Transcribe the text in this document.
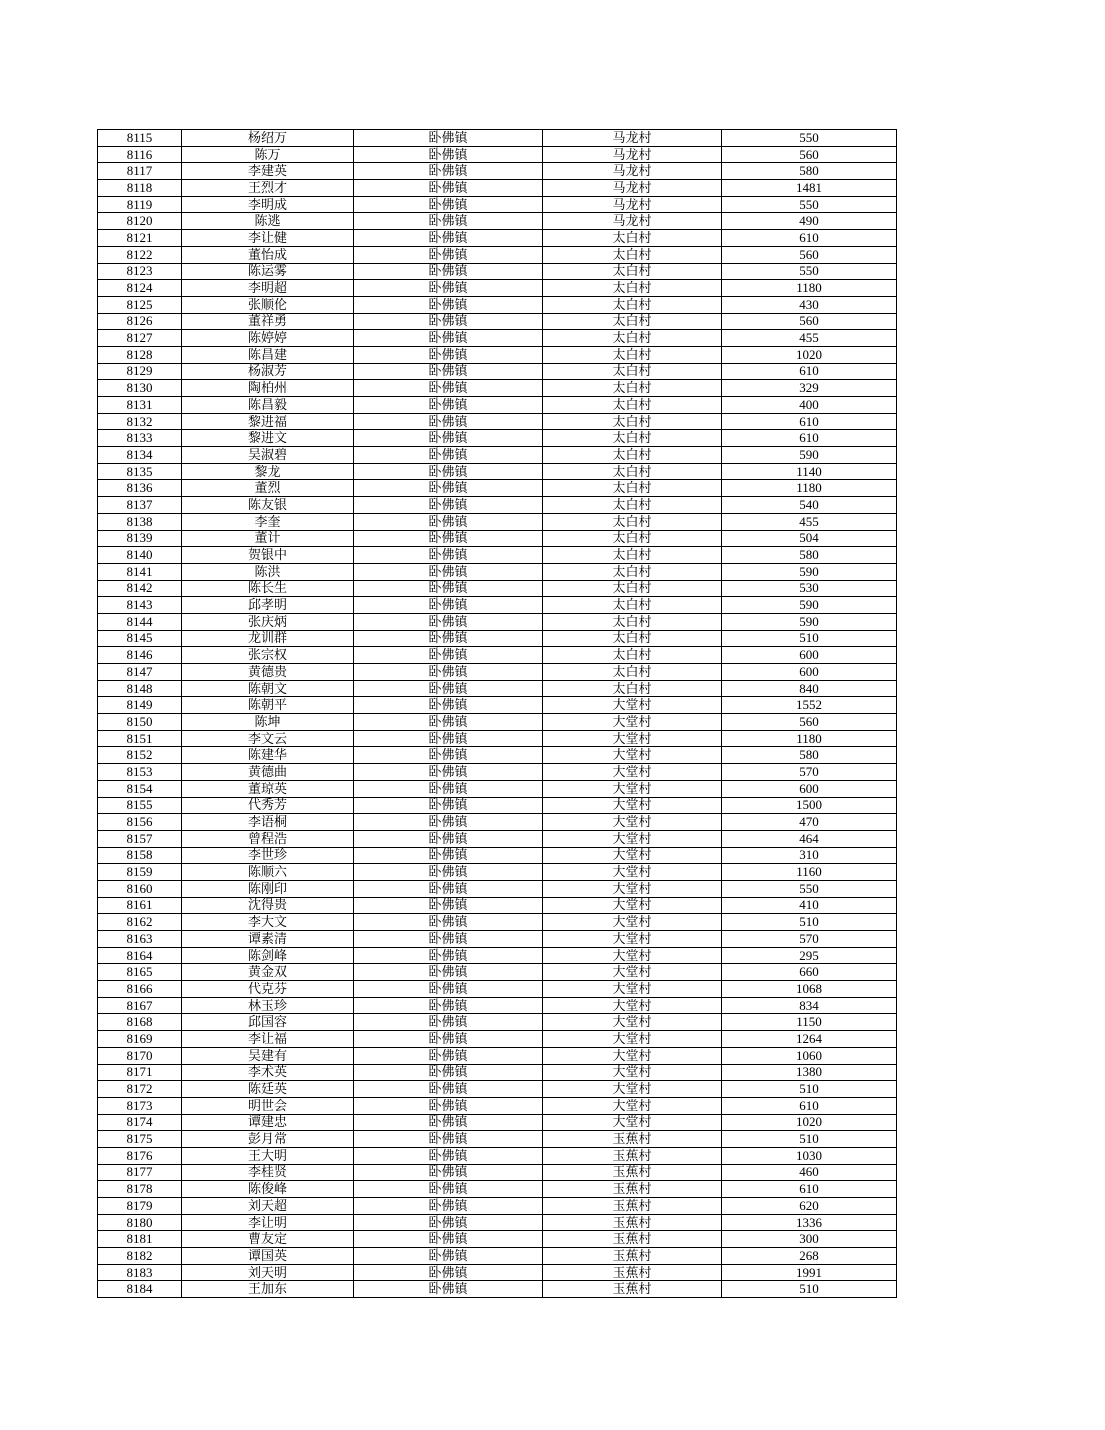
8115	杨绍万	卧佛镇	马龙村	550
8116	陈万	卧佛镇	马龙村	560
8117	李建英	卧佛镇	马龙村	580
8118	王烈才	卧佛镇	马龙村	1481
8119	李明成	卧佛镇	马龙村	550
8120	陈逃	卧佛镇	马龙村	490
8121	李让健	卧佛镇	太白村	610
8122	董怡成	卧佛镇	太白村	560
8123	陈运雾	卧佛镇	太白村	550
8124	李明超	卧佛镇	太白村	1180
8125	张顺伦	卧佛镇	太白村	430
8126	董祥勇	卧佛镇	太白村	560
8127	陈婷婷	卧佛镇	太白村	455
8128	陈昌建	卧佛镇	太白村	1020
8129	杨淑芳	卧佛镇	太白村	610
8130	陶柏州	卧佛镇	太白村	329
8131	陈昌毅	卧佛镇	太白村	400
8132	黎进福	卧佛镇	太白村	610
8133	黎进文	卧佛镇	太白村	610
8134	吴淑碧	卧佛镇	太白村	590
8135	黎龙	卧佛镇	太白村	1140
8136	董烈	卧佛镇	太白村	1180
8137	陈友银	卧佛镇	太白村	540
8138	李奎	卧佛镇	太白村	455
8139	董计	卧佛镇	太白村	504
8140	贺银中	卧佛镇	太白村	580
8141	陈洪	卧佛镇	太白村	590
8142	陈长生	卧佛镇	太白村	530
8143	邱孝明	卧佛镇	太白村	590
8144	张庆炳	卧佛镇	太白村	590
8145	龙训群	卧佛镇	太白村	510
8146	张宗权	卧佛镇	太白村	600
8147	黄德贵	卧佛镇	太白村	600
8148	陈朝文	卧佛镇	太白村	840
8149	陈朝平	卧佛镇	大堂村	1552
8150	陈坤	卧佛镇	大堂村	560
8151	李文云	卧佛镇	大堂村	1180
8152	陈建华	卧佛镇	大堂村	580
8153	黄德曲	卧佛镇	大堂村	570
8154	董琼英	卧佛镇	大堂村	600
8155	代秀芳	卧佛镇	大堂村	1500
8156	李语桐	卧佛镇	大堂村	470
8157	曾程浩	卧佛镇	大堂村	464
8158	李世珍	卧佛镇	大堂村	310
8159	陈顺六	卧佛镇	大堂村	1160
8160	陈刚印	卧佛镇	大堂村	550
8161	沈得贵	卧佛镇	大堂村	410
8162	李大文	卧佛镇	大堂村	510
8163	谭素清	卧佛镇	大堂村	570
8164	陈剑峰	卧佛镇	大堂村	295
8165	黄金双	卧佛镇	大堂村	660
8166	代克芬	卧佛镇	大堂村	1068
8167	林玉珍	卧佛镇	大堂村	834
8168	邱国容	卧佛镇	大堂村	1150
8169	李让福	卧佛镇	大堂村	1264
8170	吴建有	卧佛镇	大堂村	1060
8171	李术英	卧佛镇	大堂村	1380
8172	陈廷英	卧佛镇	大堂村	510
8173	明世会	卧佛镇	大堂村	610
8174	谭建忠	卧佛镇	大堂村	1020
8175	彭月常	卧佛镇	玉蕉村	510
8176	王大明	卧佛镇	玉蕉村	1030
8177	李桂贤	卧佛镇	玉蕉村	460
8178	陈俊峰	卧佛镇	玉蕉村	610
8179	刘天超	卧佛镇	玉蕉村	620
8180	李让明	卧佛镇	玉蕉村	1336
8181	曹友定	卧佛镇	玉蕉村	300
8182	谭国英	卧佛镇	玉蕉村	268
8183	刘天明	卧佛镇	玉蕉村	1991
8184	王加东	卧佛镇	玉蕉村	510
